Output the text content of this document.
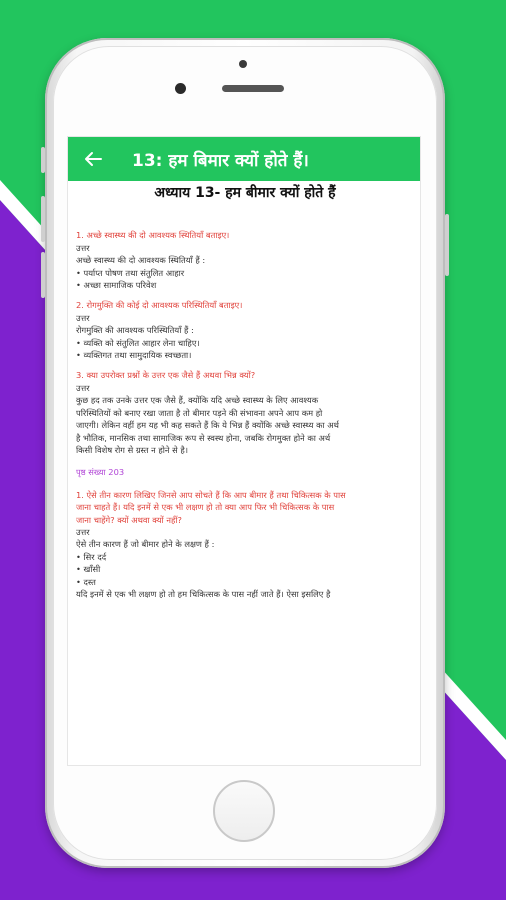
13: हम बिमार क्यों होते हैं।
अध्याय 13- हम बीमार क्यों होते हैं
1. अच्छे स्वास्थ्य की दो आवश्यक स्थितियाँ बताइए।
उत्तर
अच्छे स्वास्थ्य की दो आवश्यक स्थितियाँ हैं :
• पर्याप्त पोषण तथा संतुलित आहार
• अच्छा सामाजिक परिवेश
2. रोगमुक्ति की कोई दो आवश्यक परिस्थितियाँ बताइए।
उत्तर
रोगमुक्ति की आवश्यक परिस्थितियाँ हैं :
• व्यक्ति को संतुलित आहार लेना चाहिए।
• व्यक्तिगत तथा सामुदायिक स्वच्छता।
3. क्या उपरोक्त प्रश्नों के उत्तर एक जैसे हैं अथवा भिन्न क्यों?
उत्तर
कुछ हद तक उनके उत्तर एक जैसे हैं, क्योंकि यदि अच्छे स्वास्थ्य के लिए आवश्यक
परिस्थितियों को बनाए रखा जाता है तो बीमार पड़ने की संभावना अपने आप कम हो
जाएगी। लेकिन वहीं हम यह भी कह सकते हैं कि ये भिन्न हैं क्योंकि अच्छे स्वास्थ्य का अर्थ
है भौतिक, मानसिक तथा सामाजिक रूप से स्वस्थ होना, जबकि रोगमुक्त होने का अर्थ
किसी विशेष रोग से ग्रस्त न होने से है।
पृष्ठ संख्या 203
1. ऐसे तीन कारण लिखिए जिनसे आप सोचते हैं कि आप बीमार हैं तथा चिकित्सक के पास
जाना चाहते हैं। यदि इनमें से एक भी लक्षण हो तो क्या आप फिर भी चिकित्सक के पास
जाना चाहेंगे? क्यों अथवा क्यों नहीं?
उत्तर
ऐसे तीन कारण हैं जो बीमार होने के लक्षण हैं :
• सिर दर्द
• खाँसी
• दस्त
यदि इनमें से एक भी लक्षण हो तो हम चिकित्सक के पास नहीं जाते हैं। ऐसा इसलिए है
